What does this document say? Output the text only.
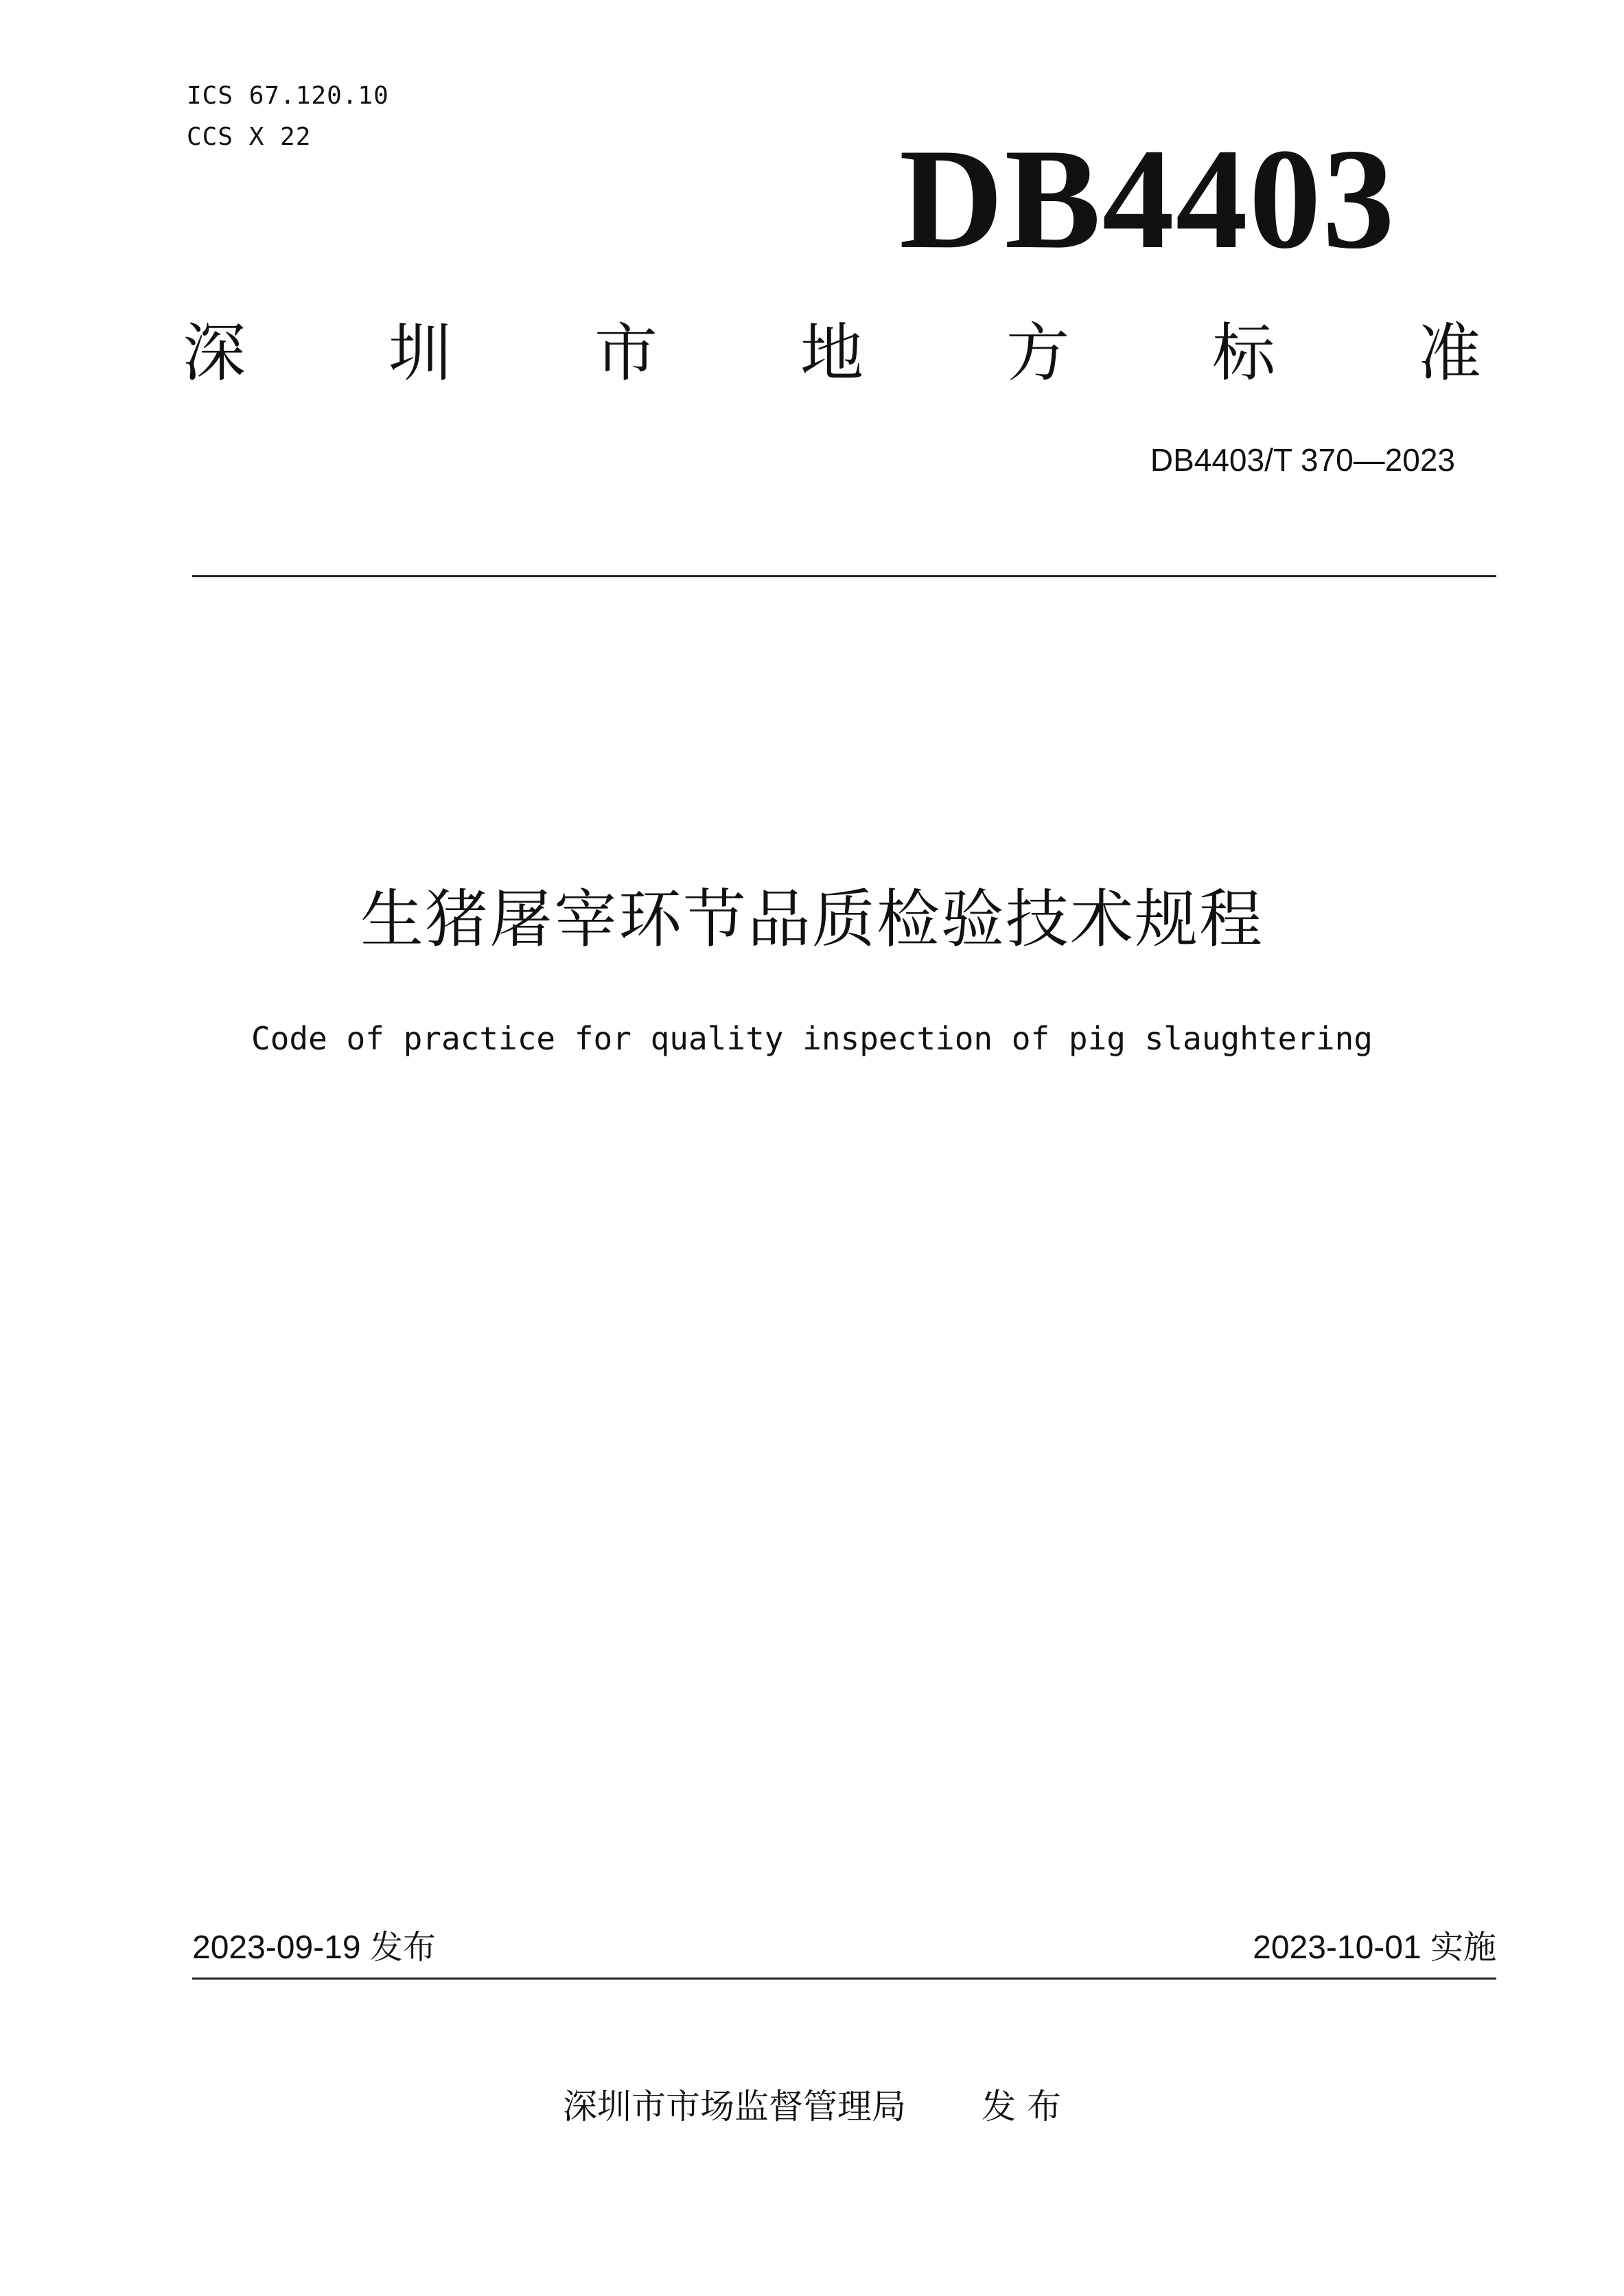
ICS 67.120.10
CCS X 22	DB4403
深 圳 市 地 方 标 准
DB4403/T 370—2023
生猪屠宰环节品质检验技术规程
Code of practice for quality inspection of pig slaughtering
2023-09-19 发布	2023-10-01 实施
深圳市市场监督管理局 发 布
